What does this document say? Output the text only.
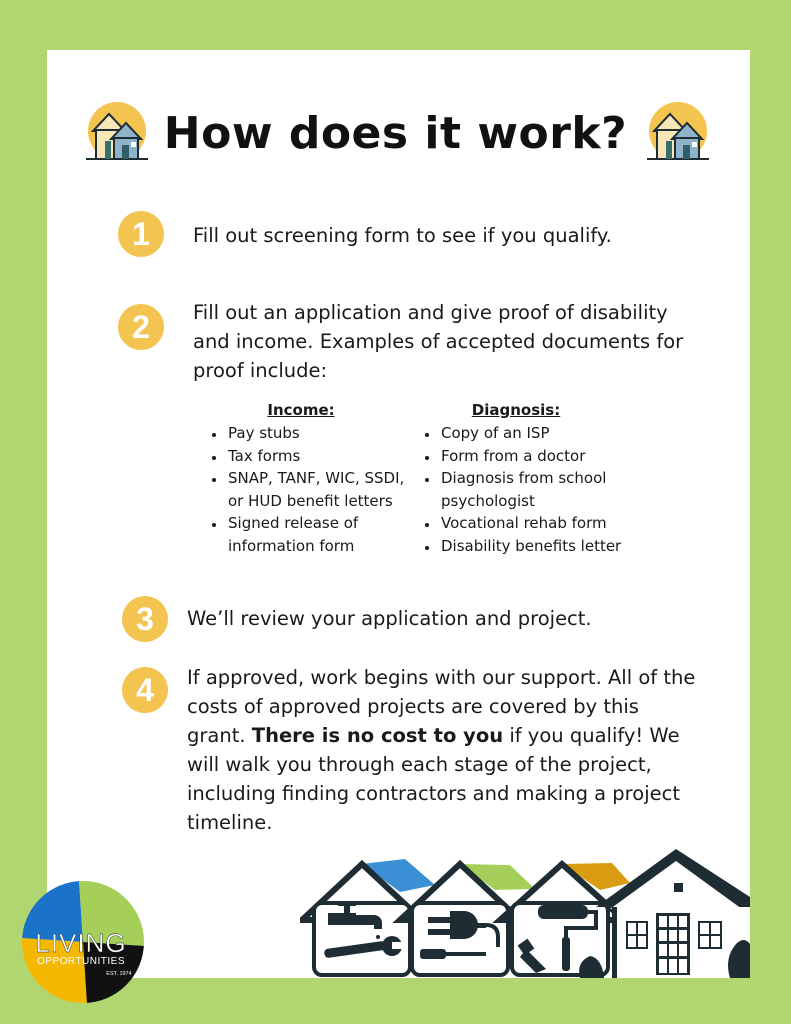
How does it work?
1	Fill out screening form to see if you qualify.
2	Fill out an application and give proof of disability and income. Examples of accepted documents for proof include:
Income:
• Pay stubs
• Tax forms
• SNAP, TANF, WIC, SSDI, or HUD benefit letters
• Signed release of information form
Diagnosis:
• Copy of an ISP
• Form from a doctor
• Diagnosis from school psychologist
• Vocational rehab form
• Disability benefits letter
3	We’ll review your application and project.
4	If approved, work begins with our support. All of the costs of approved projects are covered by this grant. There is no cost to you if you qualify! We will walk you through each stage of the project, including finding contractors and making a project timeline.
LIVING
OPPORTUNITIES
EST. 1974
